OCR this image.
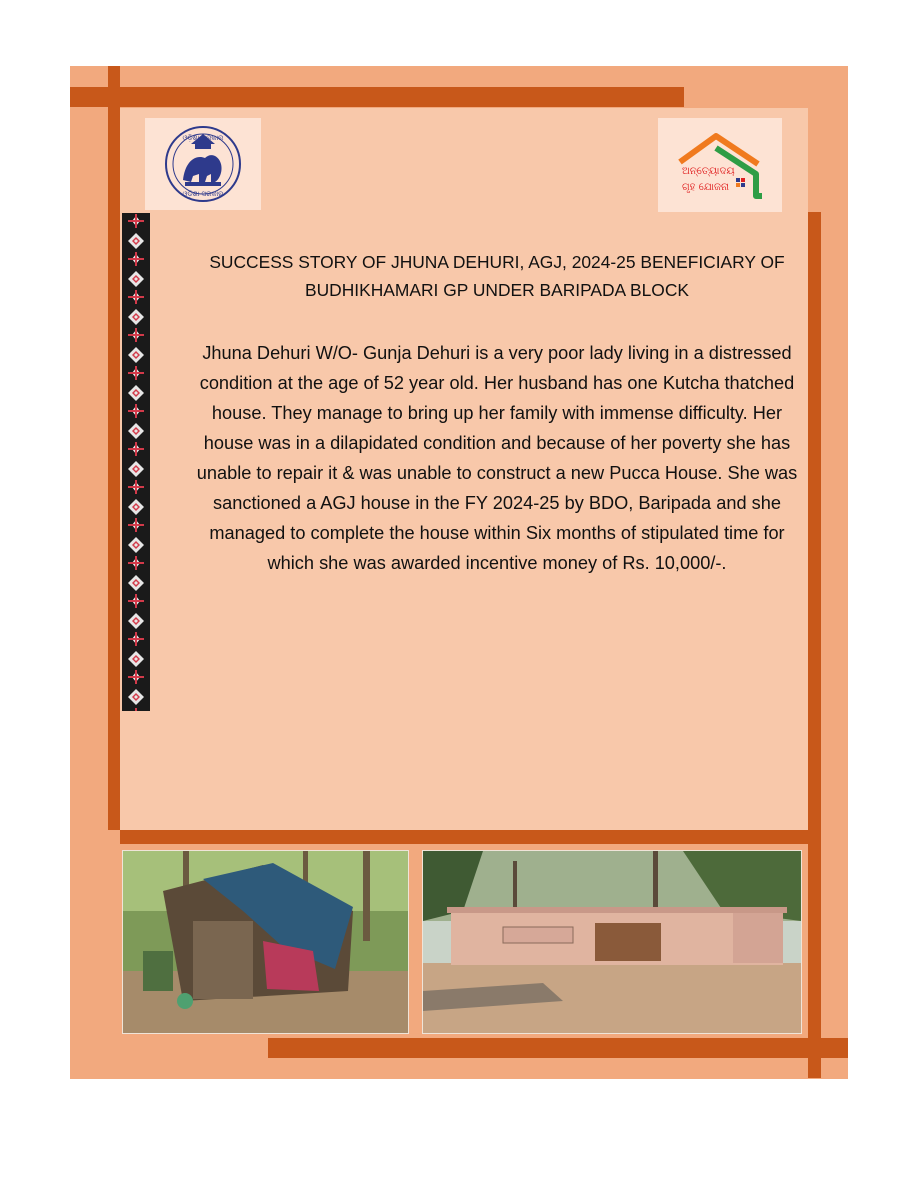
ଓଡ଼ିଶା ସରକାର
ଓଡ଼ିଶା ସରକାର
ଅନ୍ତ୍ୟୋଦୟ
ଗୃହ ଯୋଜନା
SUCCESS STORY OF JHUNA DEHURI, AGJ, 2024-25 BENEFICIARY OF BUDHIKHAMARI GP UNDER BARIPADA BLOCK
Jhuna Dehuri W/O- Gunja Dehuri is a very poor lady living in a distressed condition at the age of 52 year old. Her husband has one Kutcha thatched house. They manage to bring up her family with immense difficulty. Her house was in a dilapidated condition and because of her poverty she has unable to repair it & was unable to construct a new Pucca House. She was sanctioned a AGJ house in the FY 2024-25 by BDO, Baripada and she managed to complete the house within Six months of stipulated time for which she was awarded incentive money of Rs. 10,000/-.
